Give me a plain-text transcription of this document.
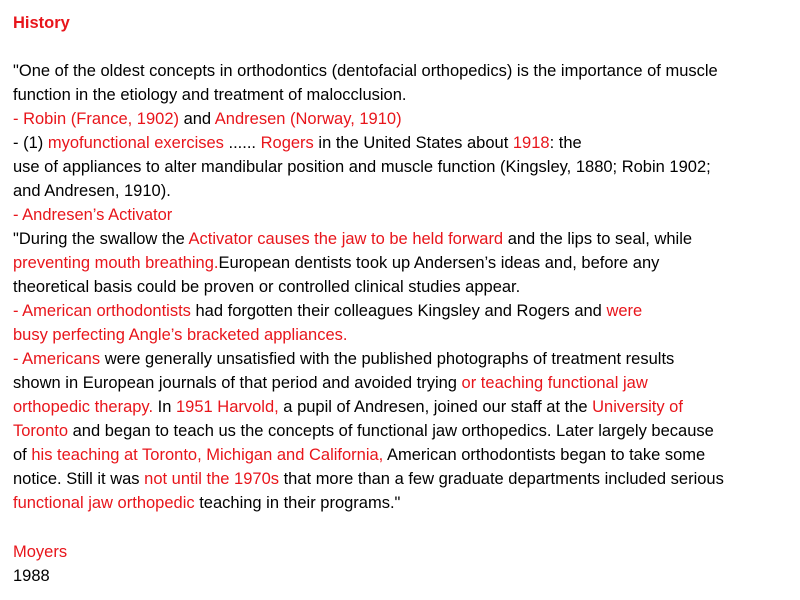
History
"One of the oldest concepts in orthodontics (dentofacial orthopedics) is the importance of muscle
function in the etiology and treatment of malocclusion.
- Robin (France, 1902) and Andresen (Norway, 1910)
- (1) myofunctional exercises ...... Rogers in the United States about 1918: the
use of appliances to alter mandibular position and muscle function (Kingsley, 1880; Robin 1902;
and Andresen, 1910).
- Andresen’s Activator
"During the swallow the Activator causes the jaw to be held forward and the lips to seal, while
preventing mouth breathing.European dentists took up Andersen’s ideas and, before any
theoretical basis could be proven or controlled clinical studies appear.
- American orthodontists had forgotten their colleagues Kingsley and Rogers and were
busy perfecting Angle’s bracketed appliances.
- Americans were generally unsatisfied with the published photographs of treatment results
shown in European journals of that period and avoided trying or teaching functional jaw
orthopedic therapy. In 1951 Harvold, a pupil of Andresen, joined our staff at the University of
Toronto and began to teach us the concepts of functional jaw orthopedics. Later largely because
of his teaching at Toronto, Michigan and California, American orthodontists began to take some
notice. Still it was not until the 1970s that more than a few graduate departments included serious
functional jaw orthopedic teaching in their programs."
Moyers
1988
